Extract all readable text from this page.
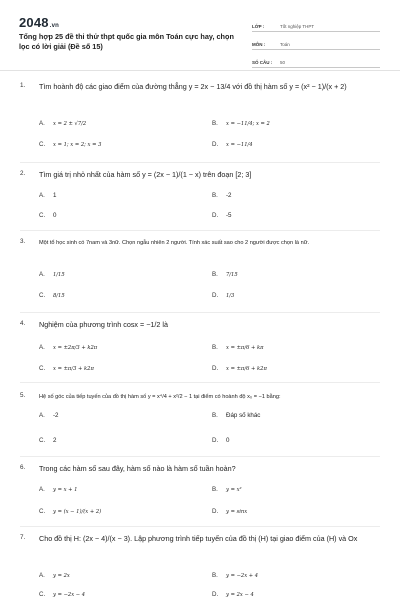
2048.vn
Tổng hợp 25 đề thi thử thpt quốc gia môn Toán cực hay, chọn lọc có lời giải (Đề số 15)
LỚP :	Tốt nghiệp THPT
MÔN :	Toán
SỐ CÂU : 50
1. Tìm hoành độ các giao điểm của đường thẳng y = 2x − 13/4 với đồ thị hàm số y = (x² − 1)/(x + 2)
A. x = 2 ± √7/2	B. x = −11/4; x = 2
C. x = 1; x = 2; x = 3	D. x = −11/4
2. Tìm giá trị nhỏ nhất của hàm số y = (2x − 1)/(1 − x) trên đoạn [2; 3]
A. 1	B. -2
C. 0	D. -5
3. Một tổ học sinh có 7nam và 3nữ. Chọn ngẫu nhiên 2 người. Tính xác suất sao cho 2 người được chọn là nữ.
A. 1/15	B. 7/15
C. 8/15	D. 1/3
4. Nghiệm của phương trình cosx = −1/2 là
A. x = ±2π/3 + k2π	B. x = ±π/6 + kπ
C. x = ±π/3 + k2π	D. x = ±π/6 + k2π
5. Hệ số góc của tiếp tuyến của đồ thị hàm số y = x⁴/4 + x²/2 − 1 tại điểm có hoành độ x₀ = −1 bằng:
A. -2	B. Đáp số khác
C. 2	D. 0
6. Trong các hàm số sau đây, hàm số nào là hàm số tuần hoàn?
A. y = x + 1	B. y = x²
C. y = (x − 1)/(x + 2)	D. y = sinx
7. Cho đồ thị H: (2x − 4)/(x − 3). Lập phương trình tiếp tuyến của đồ thị (H) tại giao điểm của (H) và Ox
A. y = 2x	B. y = −2x + 4
C. y = −2x − 4	D. y = 2x − 4
